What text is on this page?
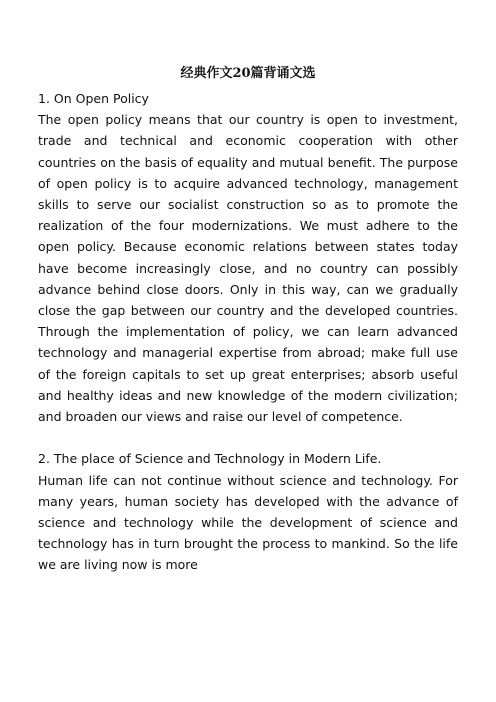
经典作文20篇背诵文选

1. On Open Policy

The open policy means that our country is open to investment, trade and technical and economic cooperation with other countries on the basis of equality and mutual benefit. The purpose of open policy is to acquire advanced technology, management skills to serve our socialist construction so as to promote the realization of the four modernizations. We must adhere to the open policy. Because economic relations between states today have become increasingly close, and no country can possibly advance behind close doors. Only in this way, can we gradually close the gap between our country and the developed countries. Through the implementation of policy, we can learn advanced technology and managerial expertise from abroad; make full use of the foreign capitals to set up great enterprises; absorb useful and healthy ideas and new knowledge of the modern civilization; and broaden our views and raise our level of competence.

2. The place of Science and Technology in Modern Life.

Human life can not continue without science and technology. For many years, human society has developed with the advance of science and technology while the development of science and technology has in turn brought the process to mankind. So the life we are living now is more
